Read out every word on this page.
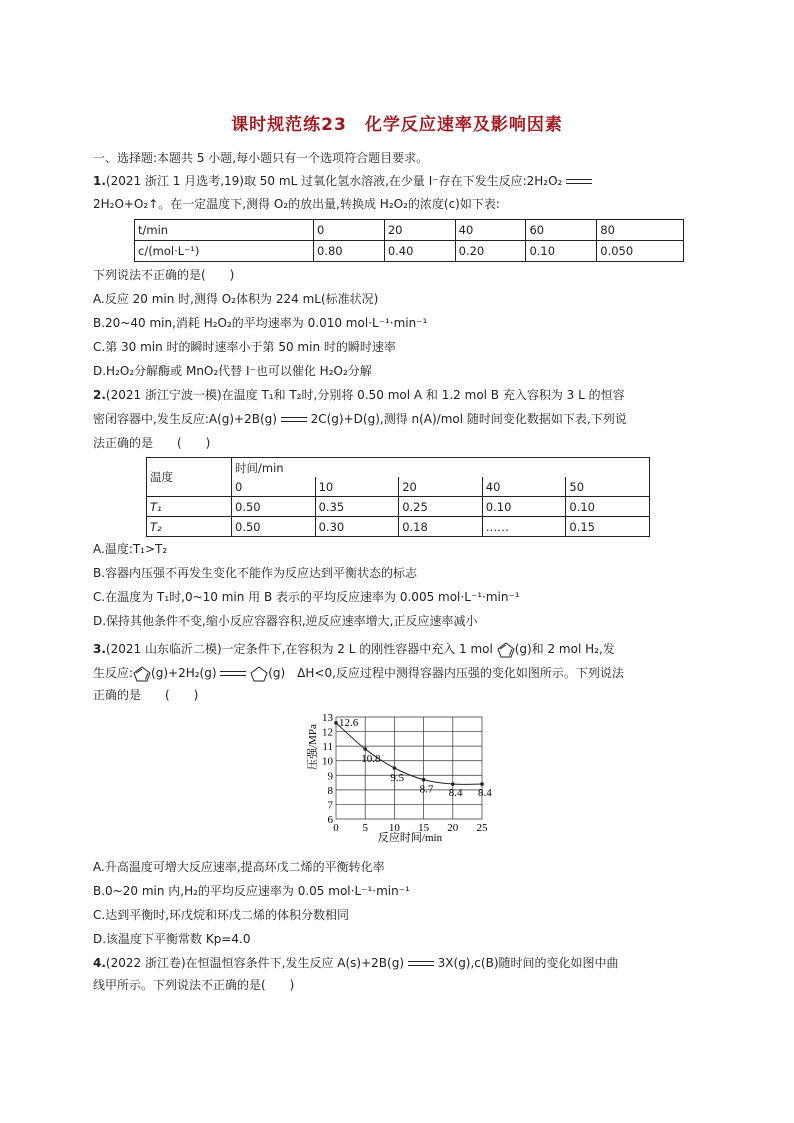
课时规范练23　化学反应速率及影响因素
一、选择题:本题共 5 小题,每小题只有一个选项符合题目要求。
1.(2021 浙江 1 月选考,19)取 50 mL 过氧化氢水溶液,在少量 I⁻存在下发生反应:2H₂O₂
2H₂O+O₂↑。在一定温度下,测得 O₂的放出量,转换成 H₂O₂的浓度(c)如下表:
t/min	0	20	40	60	80
c/(mol·L⁻¹)	0.80	0.40	0.20	0.10	0.050
下列说法不正确的是(　　)
A.反应 20 min 时,测得 O₂体积为 224 mL(标准状况)
B.20~40 min,消耗 H₂O₂的平均速率为 0.010 mol·L⁻¹·min⁻¹
C.第 30 min 时的瞬时速率小于第 50 min 时的瞬时速率
D.H₂O₂分解酶或 MnO₂代替 I⁻也可以催化 H₂O₂分解
2.(2021 浙江宁波一模)在温度 T₁和 T₂时,分别将 0.50 mol A 和 1.2 mol B 充入容积为 3 L 的恒容
密闭容器中,发生反应:A(g)+2B(g)	2C(g)+D(g),测得 n(A)/mol 随时间变化数据如下表,下列说
法正确的是　　(　　)
温度	时间/min				
	0	10	20	40	50
T₁	0.50	0.35	0.25	0.10	0.10
T₂	0.50	0.30	0.18	……	0.15
A.温度:T₁>T₂
B.容器内压强不再发生变化不能作为反应达到平衡状态的标志
C.在温度为 T₁时,0~10 min 用 B 表示的平均反应速率为 0.005 mol·L⁻¹·min⁻¹
D.保持其他条件不变,缩小反应容器容积,逆反应速率增大,正反应速率减小
3.(2021 山东临沂二模)一定条件下,在容积为 2 L 的刚性容器中充入 1 mol (g)和 2 mol H₂,发
生反应: (g)+2H₂(g)	(g)　ΔH<0,反应过程中测得容器内压强的变化如图所示。下列说法
正确的是　　(　　)
0 5 10 15 20 25
6
7
8
9
10
11
12
13 12.6
10.8
9.5
8.7 8.4 8.4
反应时间/min
压强/MPa
A.升高温度可增大反应速率,提高环戊二烯的平衡转化率
B.0~20 min 内,H₂的平均反应速率为 0.05 mol·L⁻¹·min⁻¹
C.达到平衡时,环戊烷和环戊二烯的体积分数相同
D.该温度下平衡常数 Kp=4.0
4.(2022 浙江卷)在恒温恒容条件下,发生反应 A(s)+2B(g)	3X(g),c(B)随时间的变化如图中曲
线甲所示。下列说法不正确的是(　　)
